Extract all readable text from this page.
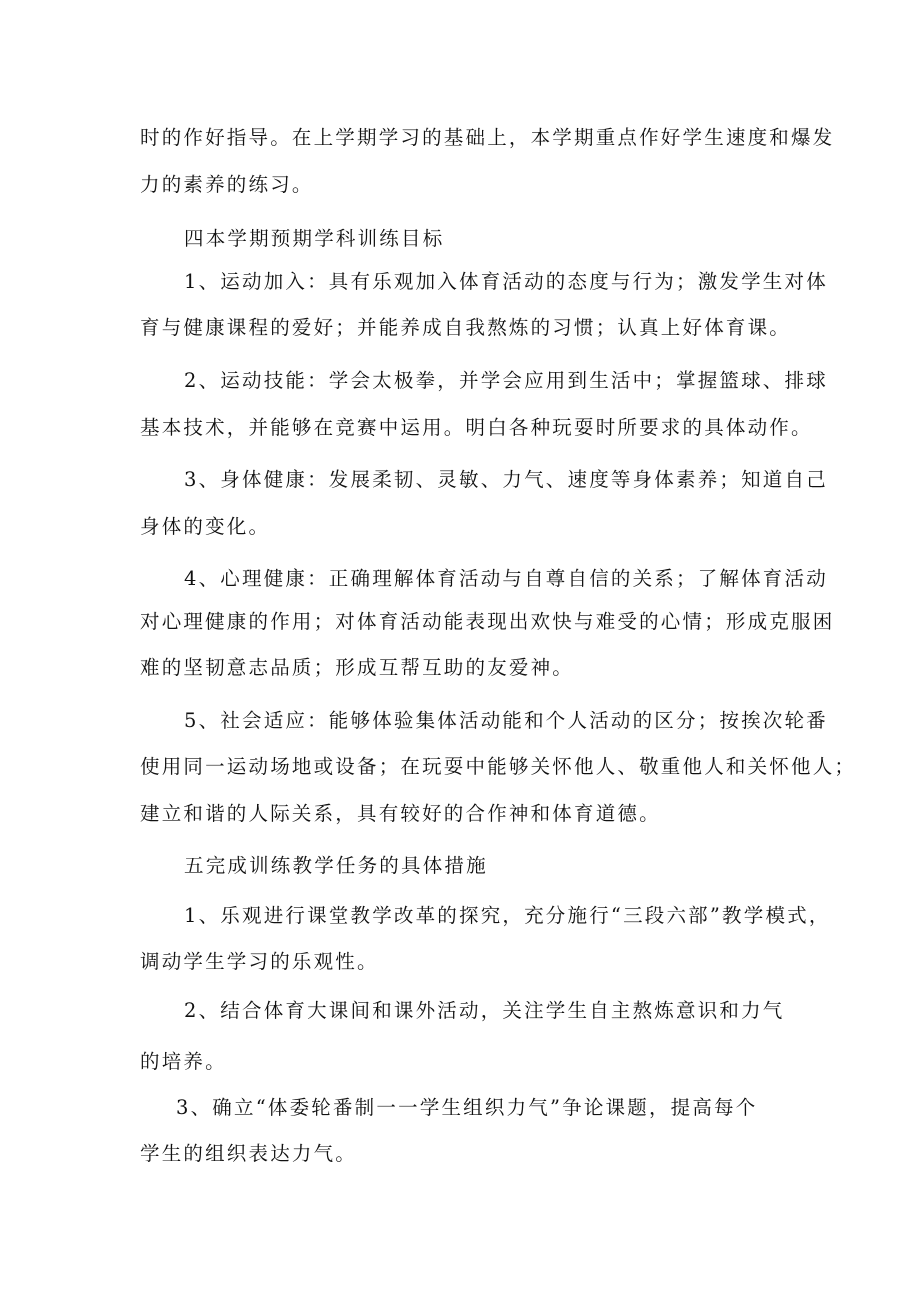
时的作好指导。在上学期学习的基础上，本学期重点作好学生速度和爆发

力的素养的练习。

四本学期预期学科训练目标

1、运动加入：具有乐观加入体育活动的态度与行为；激发学生对体

育与健康课程的爱好；并能养成自我熬炼的习惯；认真上好体育课。

2、运动技能：学会太极拳，并学会应用到生活中；掌握篮球、排球

基本技术，并能够在竞赛中运用。明白各种玩耍时所要求的具体动作。

3、身体健康：发展柔韧、灵敏、力气、速度等身体素养；知道自己

身体的变化。

4、心理健康：正确理解体育活动与自尊自信的关系；了解体育活动

对心理健康的作用；对体育活动能表现出欢快与难受的心情；形成克服困

难的坚韧意志品质；形成互帮互助的友爱神。

5、社会适应：能够体验集体活动能和个人活动的区分；按挨次轮番

使用同一运动场地或设备；在玩耍中能够关怀他人、敬重他人和关怀他人；

建立和谐的人际关系，具有较好的合作神和体育道德。

五完成训练教学任务的具体措施

1、乐观进行课堂教学改革的探究，充分施行“三段六部”教学模式，

调动学生学习的乐观性。

2、结合体育大课间和课外活动，关注学生自主熬炼意识和力气

的培养。

3、确立“体委轮番制一一学生组织力气”争论课题，提高每个

学生的组织表达力气。
